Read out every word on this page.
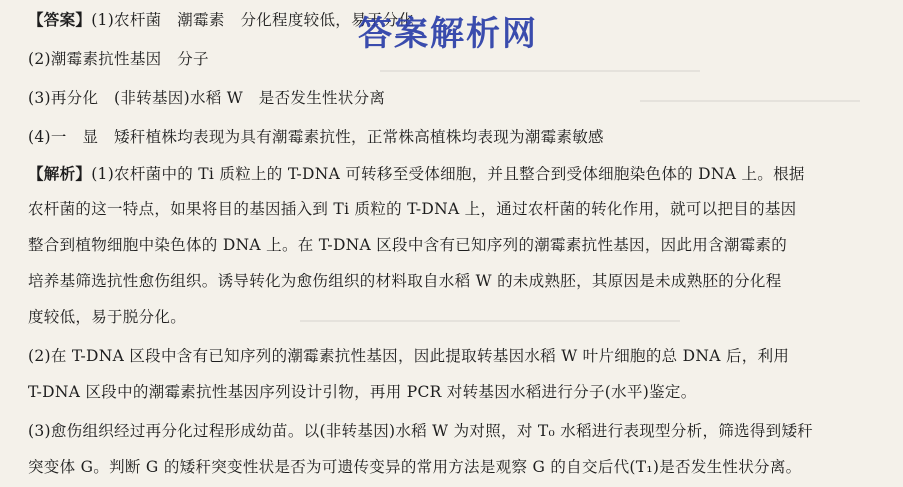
【答案】(1)农杆菌　潮霉素　分化程度较低，易于分化
(2)潮霉素抗性基因　分子
(3)再分化　(非转基因)水稻 W　是否发生性状分离
(4)一　显　矮秆植株均表现为具有潮霉素抗性，正常株高植株均表现为潮霉素敏感
【解析】(1)农杆菌中的 Ti 质粒上的 T-DNA 可转移至受体细胞，并且整合到受体细胞染色体的 DNA 上。根据
农杆菌的这一特点，如果将目的基因插入到 Ti 质粒的 T-DNA 上，通过农杆菌的转化作用，就可以把目的基因
整合到植物细胞中染色体的 DNA 上。在 T-DNA 区段中含有已知序列的潮霉素抗性基因，因此用含潮霉素的
培养基筛选抗性愈伤组织。诱导转化为愈伤组织的材料取自水稻 W 的未成熟胚，其原因是未成熟胚的分化程
度较低，易于脱分化。
(2)在 T-DNA 区段中含有已知序列的潮霉素抗性基因，因此提取转基因水稻 W 叶片细胞的总 DNA 后，利用
T-DNA 区段中的潮霉素抗性基因序列设计引物，再用 PCR 对转基因水稻进行分子(水平)鉴定。
(3)愈伤组织经过再分化过程形成幼苗。以(非转基因)水稻 W 为对照，对 T₀ 水稻进行表现型分析，筛选得到矮秆
突变体 G。判断 G 的矮秆突变性状是否为可遗传变异的常用方法是观察 G 的自交后代(T₁)是否发生性状分离。
答案解析网
